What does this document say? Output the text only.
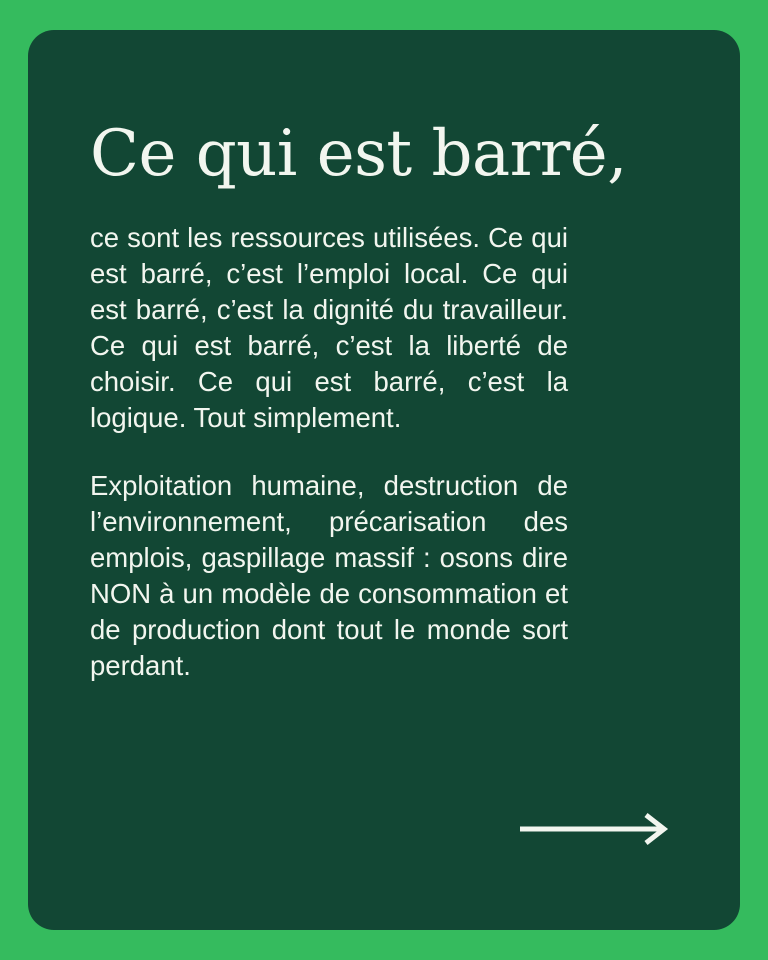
Ce qui est barré,

ce sont les ressources utilisées. Ce qui est barré, c’est l’emploi local. Ce qui est barré, c’est la dignité du travailleur. Ce qui est barré, c’est la liberté de choisir. Ce qui est barré, c’est la logique. Tout simplement.

Exploitation humaine, destruction de l’environnement, précarisation des emplois, gaspillage massif : osons dire NON à un modèle de consommation et de production dont tout le monde sort perdant.
